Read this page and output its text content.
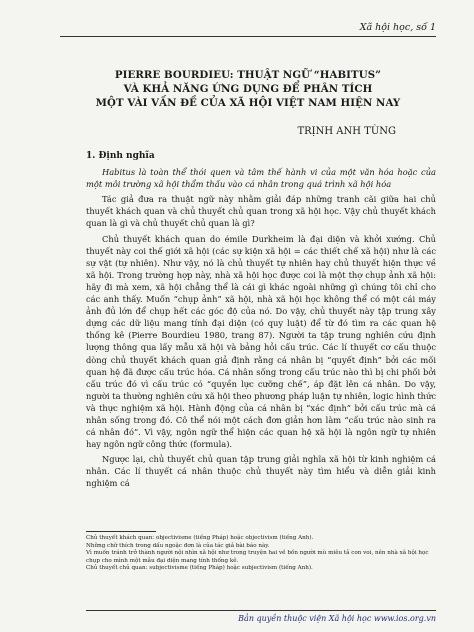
Xã hội học, số 1
PIERRE BOURDIEU: THUẬT NGỮ “HABITUS”
VÀ KHẢ NĂNG ỨNG DỤNG ĐỂ PHÂN TÍCH
MỘT VÀI VẤN ĐỀ CỦA XÃ HỘI VIỆT NAM HIỆN NAY
TRỊNH ANH TÙNG

1. Định nghĩa

Habitus là toàn thể thói quen và tâm thế hành vi của một văn hóa hoặc của một môi trường xã hội thẩm thấu vào cá nhân trong quá trình xã hội hóa

Tác giả đưa ra thuật ngữ này nhằm giải đáp những tranh cãi giữa hai chủ thuyết khách quan và chủ thuyết chủ quan trong xã hội học. Vậy chủ thuyết khách quan là gì và chủ thuyết chủ quan là gì?

Chủ thuyết khách quan do émile Durkheim là đại diện và khởi xướng. Chủ thuyết này coi thế giới xã hội (các sự kiện xã hội = các thiết chế xã hội) như là các sự vật (tự nhiên). Như vậy, nó là chủ thuyết tự nhiên hay chủ thuyết hiện thực về xã hội. Trong trường hợp này, nhà xã hội học được coi là một thợ chụp ảnh xã hội: hãy đi mà xem, xã hội chẳng thể là cái gì khác ngoài những gì chúng tôi chỉ cho các anh thấy. Muốn “chụp ảnh” xã hội, nhà xã hội học không thể có một cái máy ảnh đủ lớn để chụp hết các góc độ của nó. Do vậy, chủ thuyết này tập trung xây dựng các dữ liệu mang tính đại diện (có quy luật) để từ đó tìm ra các quan hệ thống kê (Pierre Bourdieu 1980, trang 87). Người ta tập trung nghiên cứu định lượng thông qua lấy mẫu xã hội và bảng hỏi cấu trúc. Các lí thuyết cơ cấu thuộc dòng chủ thuyết khách quan giả định rằng cá nhân bị “quyết định” bởi các mối quan hệ đã được cấu trúc hóa. Cá nhân sống trong cấu trúc nào thì bị chi phối bởi cấu trúc đó vì cấu trúc có “quyền lực cưỡng chế”, áp đặt lên cá nhân. Do vậy, người ta thường nghiên cứu xã hội theo phương pháp luận tự nhiên, logic hình thức và thực nghiệm xã hội. Hành động của cá nhân bị “xác định” bởi cấu trúc mà cá nhân sống trong đó. Cô thể nói một cách đơn giản hơn làm “cấu trúc nào sinh ra cá nhân đó”. Vì vậy, ngôn ngữ thể hiện các quan hệ xã hội là ngôn ngữ tự nhiên hay ngôn ngữ công thức (formula).

Ngược lại, chủ thuyết chủ quan tập trung giải nghĩa xã hội từ kinh nghiệm cá nhân. Các lí thuyết cá nhân thuộc chủ thuyết này tìm hiểu và diễn giải kinh nghiệm cá

Chủ thuyết khách quan: objectivisme (tiếng Pháp) hoặc objectivism (tiếng Anh).
Những chữ thích trong dấu ngoặc đơn là của tác giả bài báo này.
Vì muốn tránh trở thành người nội nhìn xã hội như trong truyện hai về bốn người mù miêu tả con voi, nên nhà xã hội học chụp cho mình một mẫu đại diện mang tính thống kê.
Chủ thuyết chủ quan: subjectivisme (tiếng Pháp) hoặc subjectivism (tiếng Anh).
Bản quyền thuộc viện Xã hội học www.ios.org.vn
